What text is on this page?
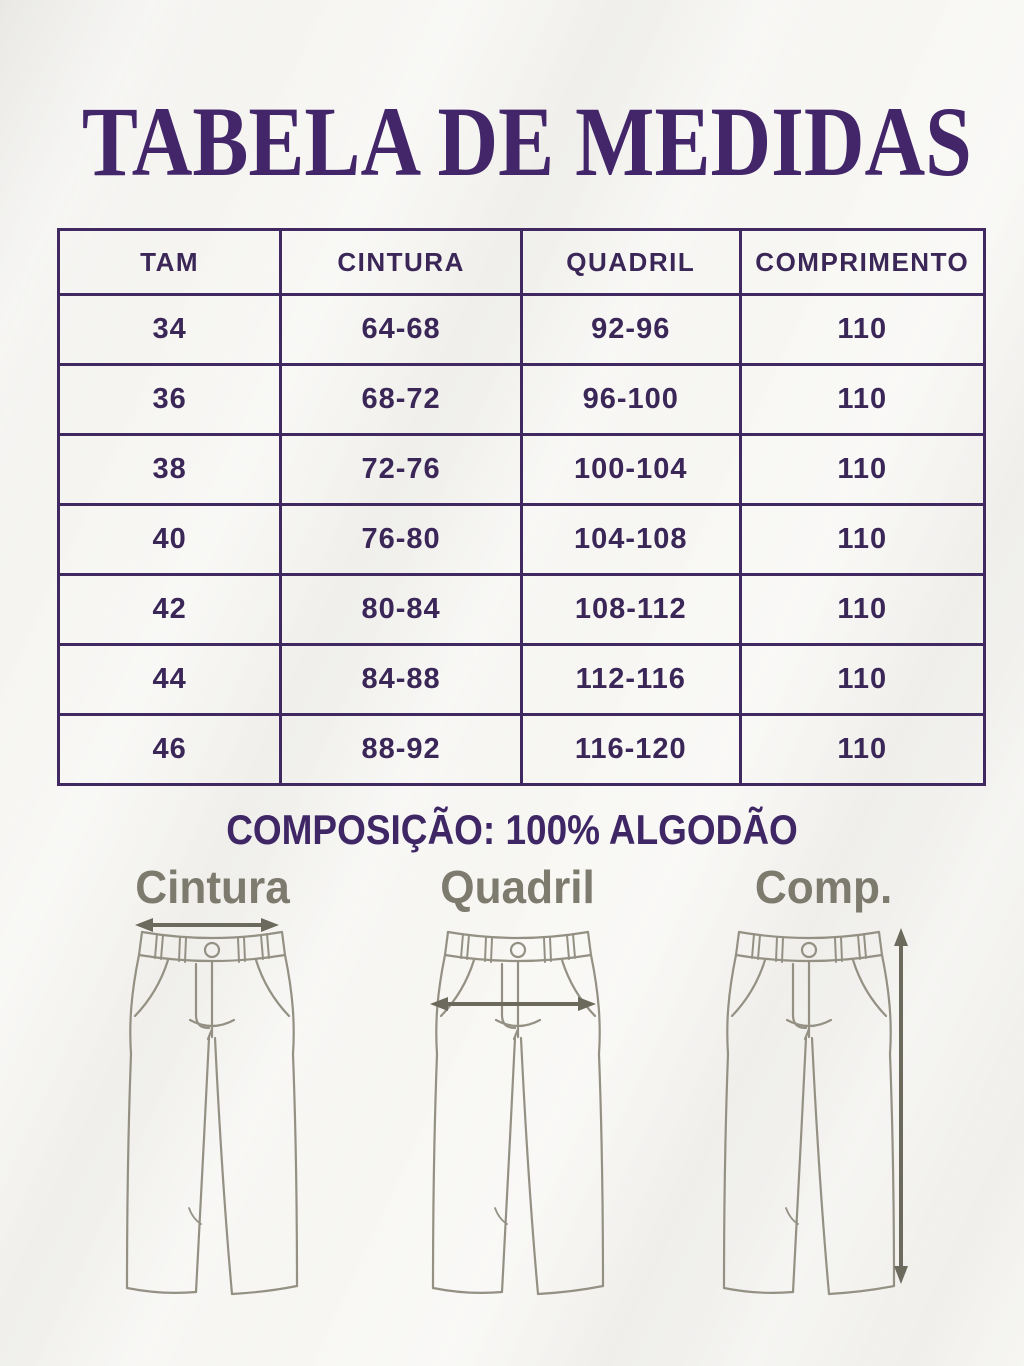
TABELA DE MEDIDAS
TAM	CINTURA	QUADRIL	COMPRIMENTO
34	64-68	92-96	110
36	68-72	96-100	110
38	72-76	100-104	110
40	76-80	104-108	110
42	80-84	108-112	110
44	84-88	112-116	110
46	88-92	116-120	110
COMPOSIÇÃO: 100% ALGODÃO
Cintura	Quadril	Comp.
